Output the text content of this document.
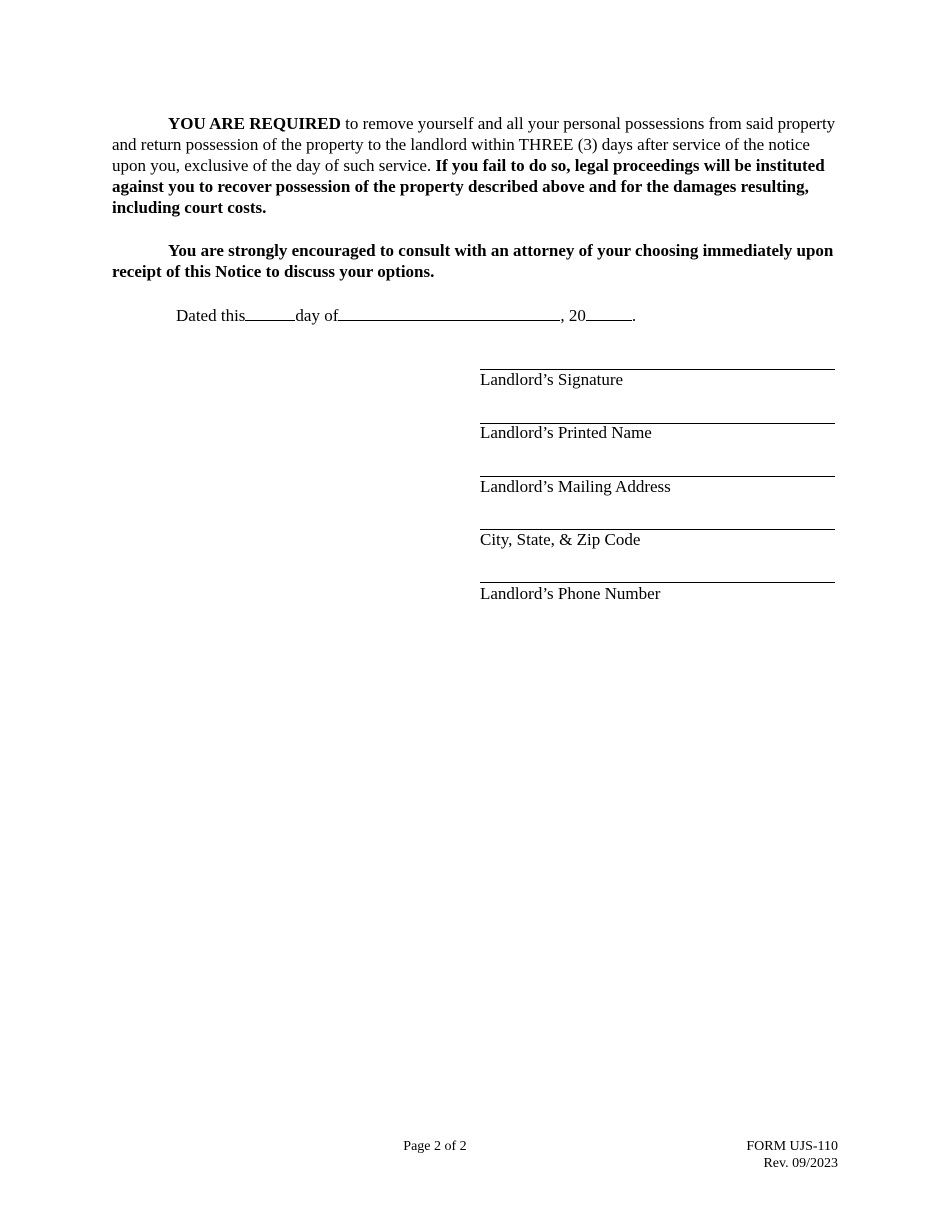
YOU ARE REQUIRED to remove yourself and all your personal possessions from said property and return possession of the property to the landlord within THREE (3) days after service of the notice upon you, exclusive of the day of such service. If you fail to do so, legal proceedings will be instituted against you to recover possession of the property described above and for the damages resulting, including court costs.

You are strongly encouraged to consult with an attorney of your choosing immediately upon receipt of this Notice to discuss your options.

Dated this	day of	, 20	.
Landlord’s Signature
Landlord’s Printed Name
Landlord’s Mailing Address
City, State, & Zip Code
Landlord’s Phone Number
Page 2 of 2	FORM UJS-110
Rev. 09/2023
